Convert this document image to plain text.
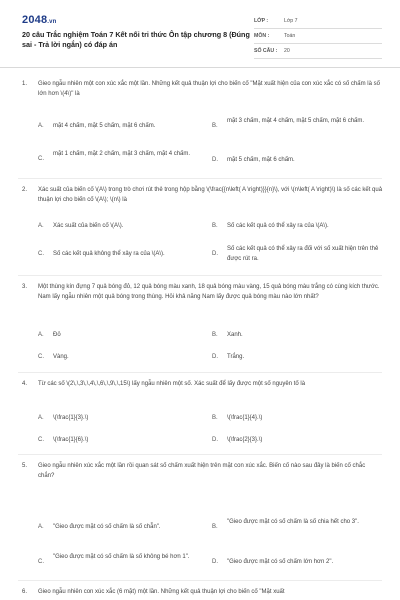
2048.vn
20 câu Trắc nghiệm Toán 7 Kết nối tri thức Ôn tập chương 8 (Đúng sai - Trả lời ngắn) có đáp án
LỚP :	Lớp 7
MÔN :	Toán
SỐ CÂU : 20
1. Gieo ngẫu nhiên một con xúc xắc một lần. Những kết quả thuận lợi cho biến cố "Mặt xuất hiện của con xúc xắc có số chấm là số lớn hơn \(4\)" là
A. mặt 4 chấm, mặt 5 chấm, mặt 6 chấm.	B.
mặt 3 chấm, mặt 4 chấm, mặt 5 chấm, mặt 6 chấm.
C.
mặt 1 chấm, mặt 2 chấm, mặt 3 chấm, mặt 4 chấm.
D. mặt 5 chấm, mặt 6 chấm.
2. Xác suất của biến cố \(A\) trong trò chơi rút thẻ trong hộp bằng \(\frac{{n\left( A \right)}}{n}\), với \(n\left( A \right)\) là số các kết quả thuận lợi cho biến cố \(A\); \(n\) là
A. Xác suất của biến cố \(A\).	B. Số các kết quả có thể xảy ra của \(A\).
C. Số các kết quả không thể xảy ra của \(A\).	D.
Số các kết quả có thể xảy ra đối với số xuất hiện trên thẻ được rút ra.
3. Một thùng kín đựng 7 quả bóng đỏ, 12 quả bóng màu xanh, 18 quả bóng màu vàng, 15 quả bóng màu trắng có cùng kích thước. Nam lấy ngẫu nhiên một quả bóng trong thùng. Hỏi khả năng Nam lấy được quả bóng màu nào lớn nhất?
A. Đỏ	B. Xanh.
C. Vàng.	D. Trắng.
4. Từ các số \(2\,\,3\,\,4\,\,6\,\,9\,\,15\) lấy ngẫu nhiên một số. Xác suất để lấy được một số nguyên tố là
A. \(\frac{1}{3}.\)	B. \(\frac{1}{4}.\)
C. \(\frac{1}{6}.\)	D. \(\frac{2}{3}.\)
5. Gieo ngẫu nhiên xúc xắc một lần rồi quan sát số chấm xuất hiện trên mặt con xúc xắc. Biến cố nào sau đây là biến cố chắc chắn?
A. "Gieo được mặt có số chấm là số chẵn".	B.
"Gieo được mặt có số chấm là số chia hết cho 3".
C.
"Gieo được mặt có số chấm là số không bé hơn 1".
D. "Gieo được mặt có số chấm lớn hơn 2".
6. Gieo ngẫu nhiên con xúc xắc (6 mặt) một lần. Những kết quả thuận lợi cho biến cố "Mặt xuất
